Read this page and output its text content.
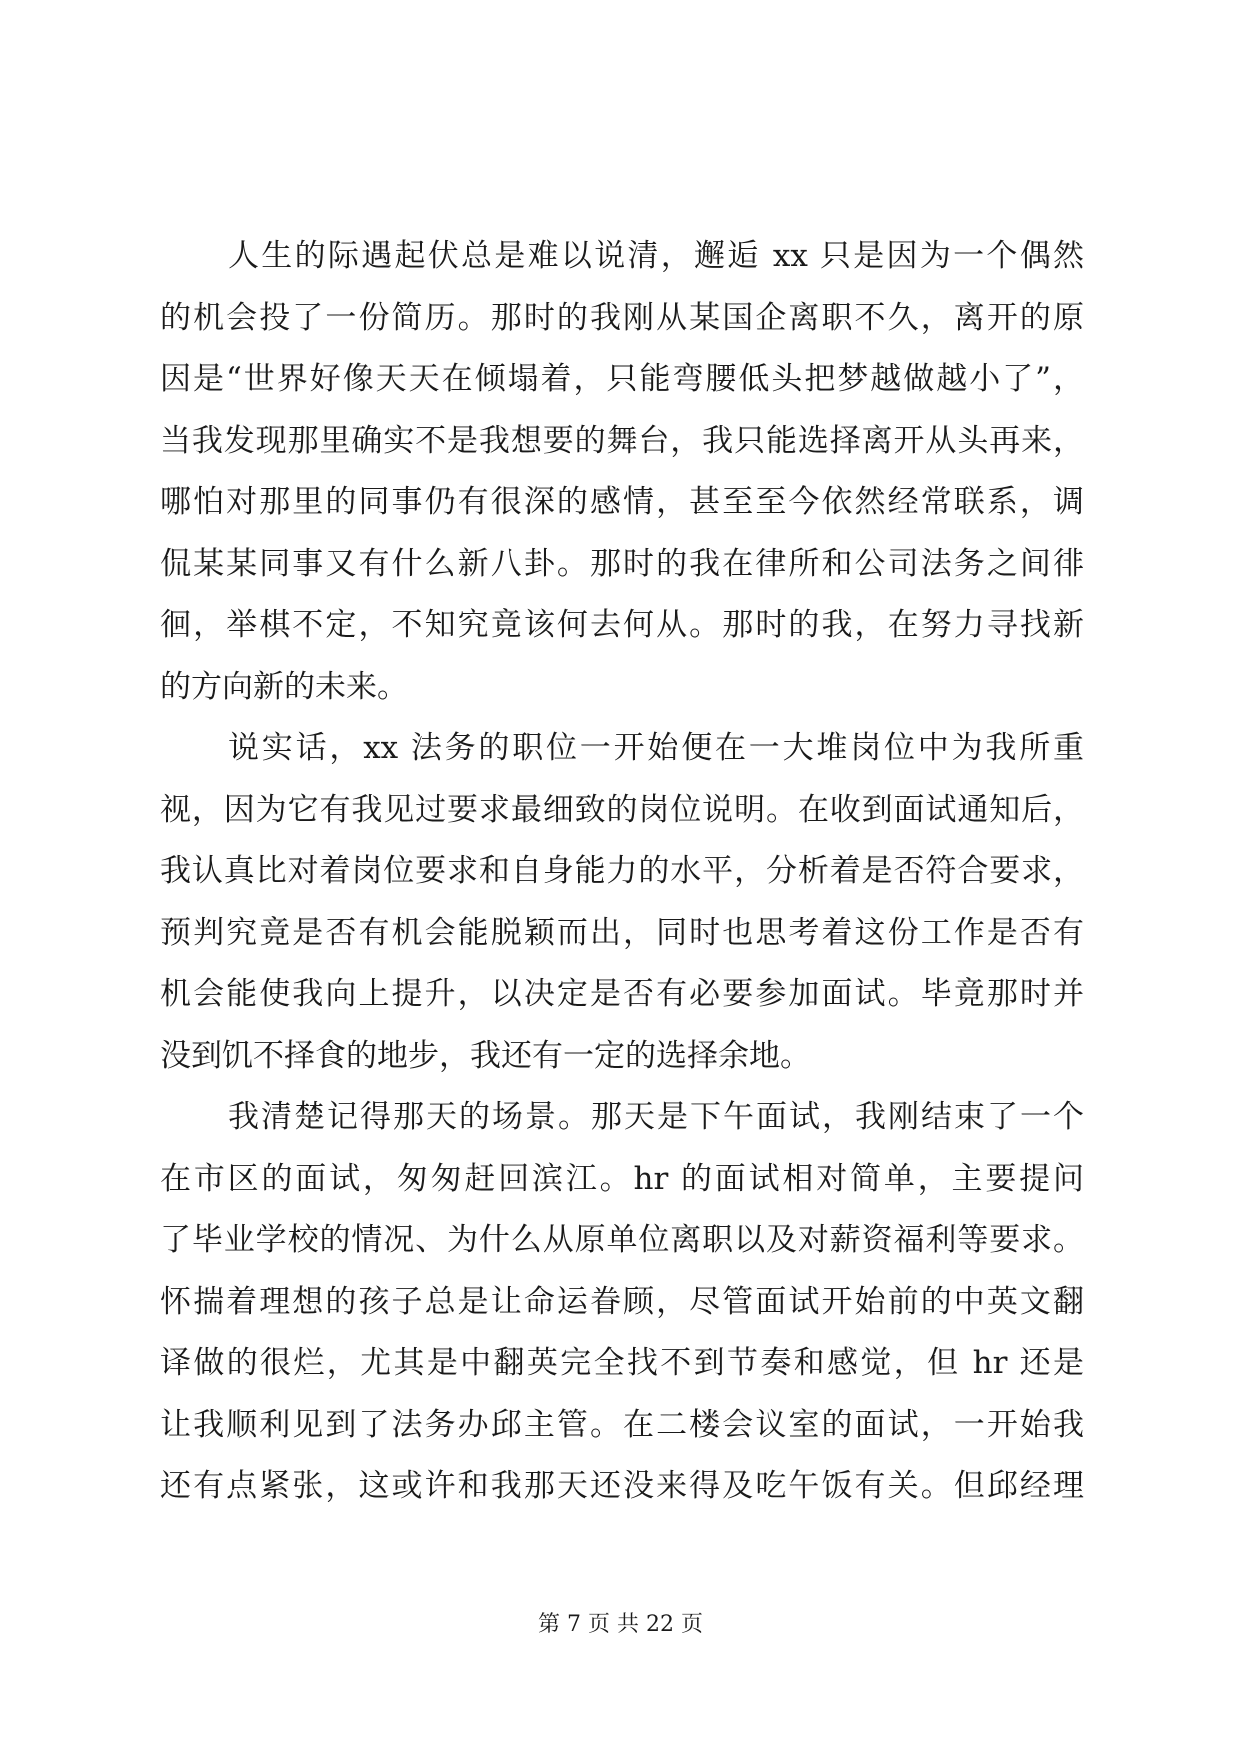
人生的际遇起伏总是难以说清，邂逅 xx 只是因为一个偶然
的机会投了一份简历。那时的我刚从某国企离职不久，离开的原
因是“世界好像天天在倾塌着，只能弯腰低头把梦越做越小了”，
当我发现那里确实不是我想要的舞台，我只能选择离开从头再来，
哪怕对那里的同事仍有很深的感情，甚至至今依然经常联系，调
侃某某同事又有什么新八卦。那时的我在律所和公司法务之间徘
徊，举棋不定，不知究竟该何去何从。那时的我，在努力寻找新
的方向新的未来。
说实话，xx 法务的职位一开始便在一大堆岗位中为我所重
视，因为它有我见过要求最细致的岗位说明。在收到面试通知后，
我认真比对着岗位要求和自身能力的水平，分析着是否符合要求，
预判究竟是否有机会能脱颖而出，同时也思考着这份工作是否有
机会能使我向上提升，以决定是否有必要参加面试。毕竟那时并
没到饥不择食的地步，我还有一定的选择余地。
我清楚记得那天的场景。那天是下午面试，我刚结束了一个
在市区的面试，匆匆赶回滨江。hr 的面试相对简单，主要提问
了毕业学校的情况、为什么从原单位离职以及对薪资福利等要求。
怀揣着理想的孩子总是让命运眷顾，尽管面试开始前的中英文翻
译做的很烂，尤其是中翻英完全找不到节奏和感觉，但 hr 还是
让我顺利见到了法务办邱主管。在二楼会议室的面试，一开始我
还有点紧张，这或许和我那天还没来得及吃午饭有关。但邱经理
第 7 页 共 22 页
